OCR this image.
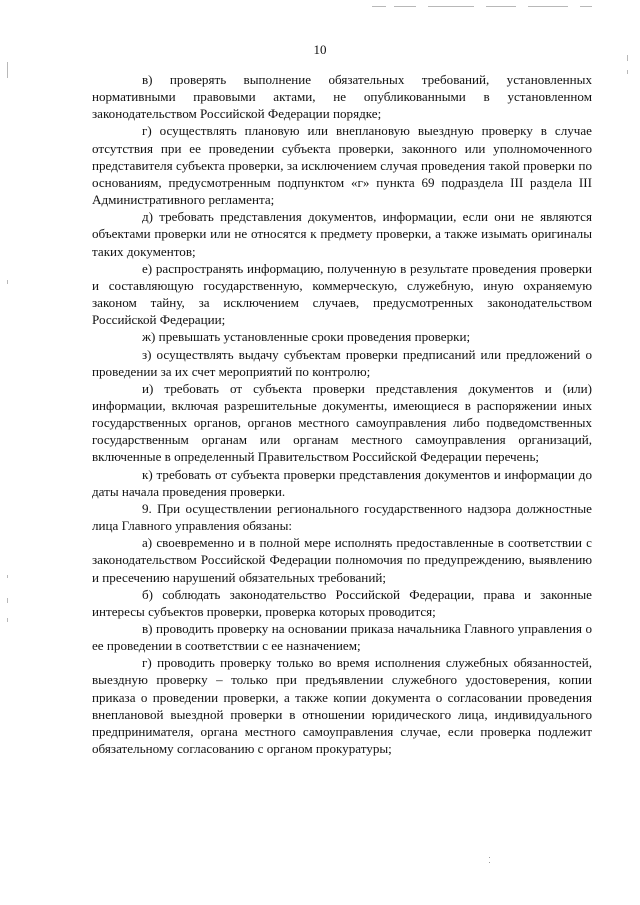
10

в) проверять выполнение обязательных требований, установленных нормативными правовыми актами, не опубликованными в установленном законодательством Российской Федерации порядке;

г) осуществлять плановую или внеплановую выездную проверку в случае отсутствия при ее проведении субъекта проверки, законного или уполномоченного представителя субъекта проверки, за исключением случая проведения такой проверки по основаниям, предусмотренным подпунктом «г» пункта 69 подраздела III раздела III Административного регламента;

д) требовать представления документов, информации, если они не являются объектами проверки или не относятся к предмету проверки, а также изымать оригиналы таких документов;

е) распространять информацию, полученную в результате проведения проверки и составляющую государственную, коммерческую, служебную, иную охраняемую законом тайну, за исключением случаев, предусмотренных законодательством Российской Федерации;

ж) превышать установленные сроки проведения проверки;

з) осуществлять выдачу субъектам проверки предписаний или предложений о проведении за их счет мероприятий по контролю;

и) требовать от субъекта проверки представления документов и (или) информации, включая разрешительные документы, имеющиеся в распоряжении иных государственных органов, органов местного самоуправления либо подведомственных государственным органам или органам местного самоуправления организаций, включенные в определенный Правительством Российской Федерации перечень;

к) требовать от субъекта проверки представления документов и информации до даты начала проведения проверки.

9. При осуществлении регионального государственного надзора должностные лица Главного управления обязаны:

а) своевременно и в полной мере исполнять предоставленные в соответствии с законодательством Российской Федерации полномочия по предупреждению, выявлению и пресечению нарушений обязательных требований;

б) соблюдать законодательство Российской Федерации, права и законные интересы субъектов проверки, проверка которых проводится;

в) проводить проверку на основании приказа начальника Главного управления о ее проведении в соответствии с ее назначением;

г) проводить проверку только во время исполнения служебных обязанностей, выездную проверку – только при предъявлении служебного удостоверения, копии приказа о проведении проверки, а также копии документа о согласовании проведения внеплановой выездной проверки в отношении юридического лица, индивидуального предпринимателя, органа местного самоуправления случае, если проверка подлежит обязательному согласованию с органом прокуратуры;
